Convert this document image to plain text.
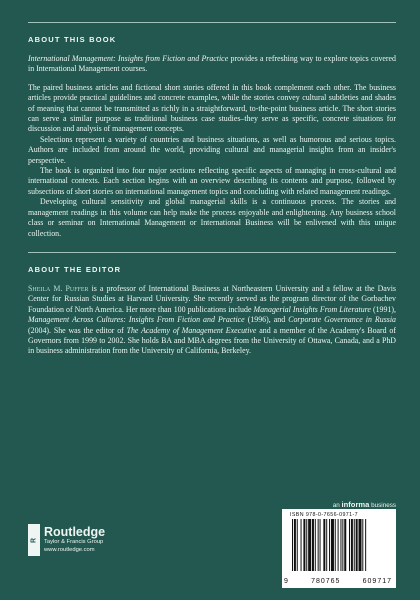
ABOUT THIS BOOK

International Management: Insights from Fiction and Practice provides a refreshing way to explore topics covered in International Management courses.

The paired business articles and fictional short stories offered in this book complement each other. The business articles provide practical guidelines and concrete examples, while the stories convey cultural subtleties and shades of meaning that cannot be transmitted as richly in a straightforward, to-the-point business article. The short stories can serve a similar purpose as traditional business case studies–they serve as specific, concrete situations for discussion and analysis of management concepts.

Selections represent a variety of countries and business situations, as well as humorous and serious topics. Authors are included from around the world, providing cultural and managerial insights from an insider's perspective.

The book is organized into four major sections reflecting specific aspects of managing in cross-cultural and international contexts. Each section begins with an overview describing its contents and purpose, followed by subsections of short stories on international management topics and concluding with related management readings.

Developing cultural sensitivity and global managerial skills is a continuous process. The stories and management readings in this volume can help make the process enjoyable and enlightening. Any business school class or seminar on International Management or International Business will be enlivened with this unique collection.

ABOUT THE EDITOR

Sheila M. Puffer is a professor of International Business at Northeastern University and a fellow at the Davis Center for Russian Studies at Harvard University. She recently served as the program director of the Gorbachev Foundation of North America. Her more than 100 publications include Managerial Insights From Literature (1991), Management Across Cultures: Insights From Fiction and Practice (1996), and Corporate Governance in Russia (2004). She was the editor of The Academy of Management Executive and a member of the Academy's Board of Governors from 1999 to 2002. She holds BA and MBA degrees from the University of Ottawa, Canada, and a PhD in business administration from the University of California, Berkeley.

R
Routledge
Taylor & Francis Group
www.routledge.com
an informa business
ISBN 978-0-7656-0971-7
9	780765	609717
